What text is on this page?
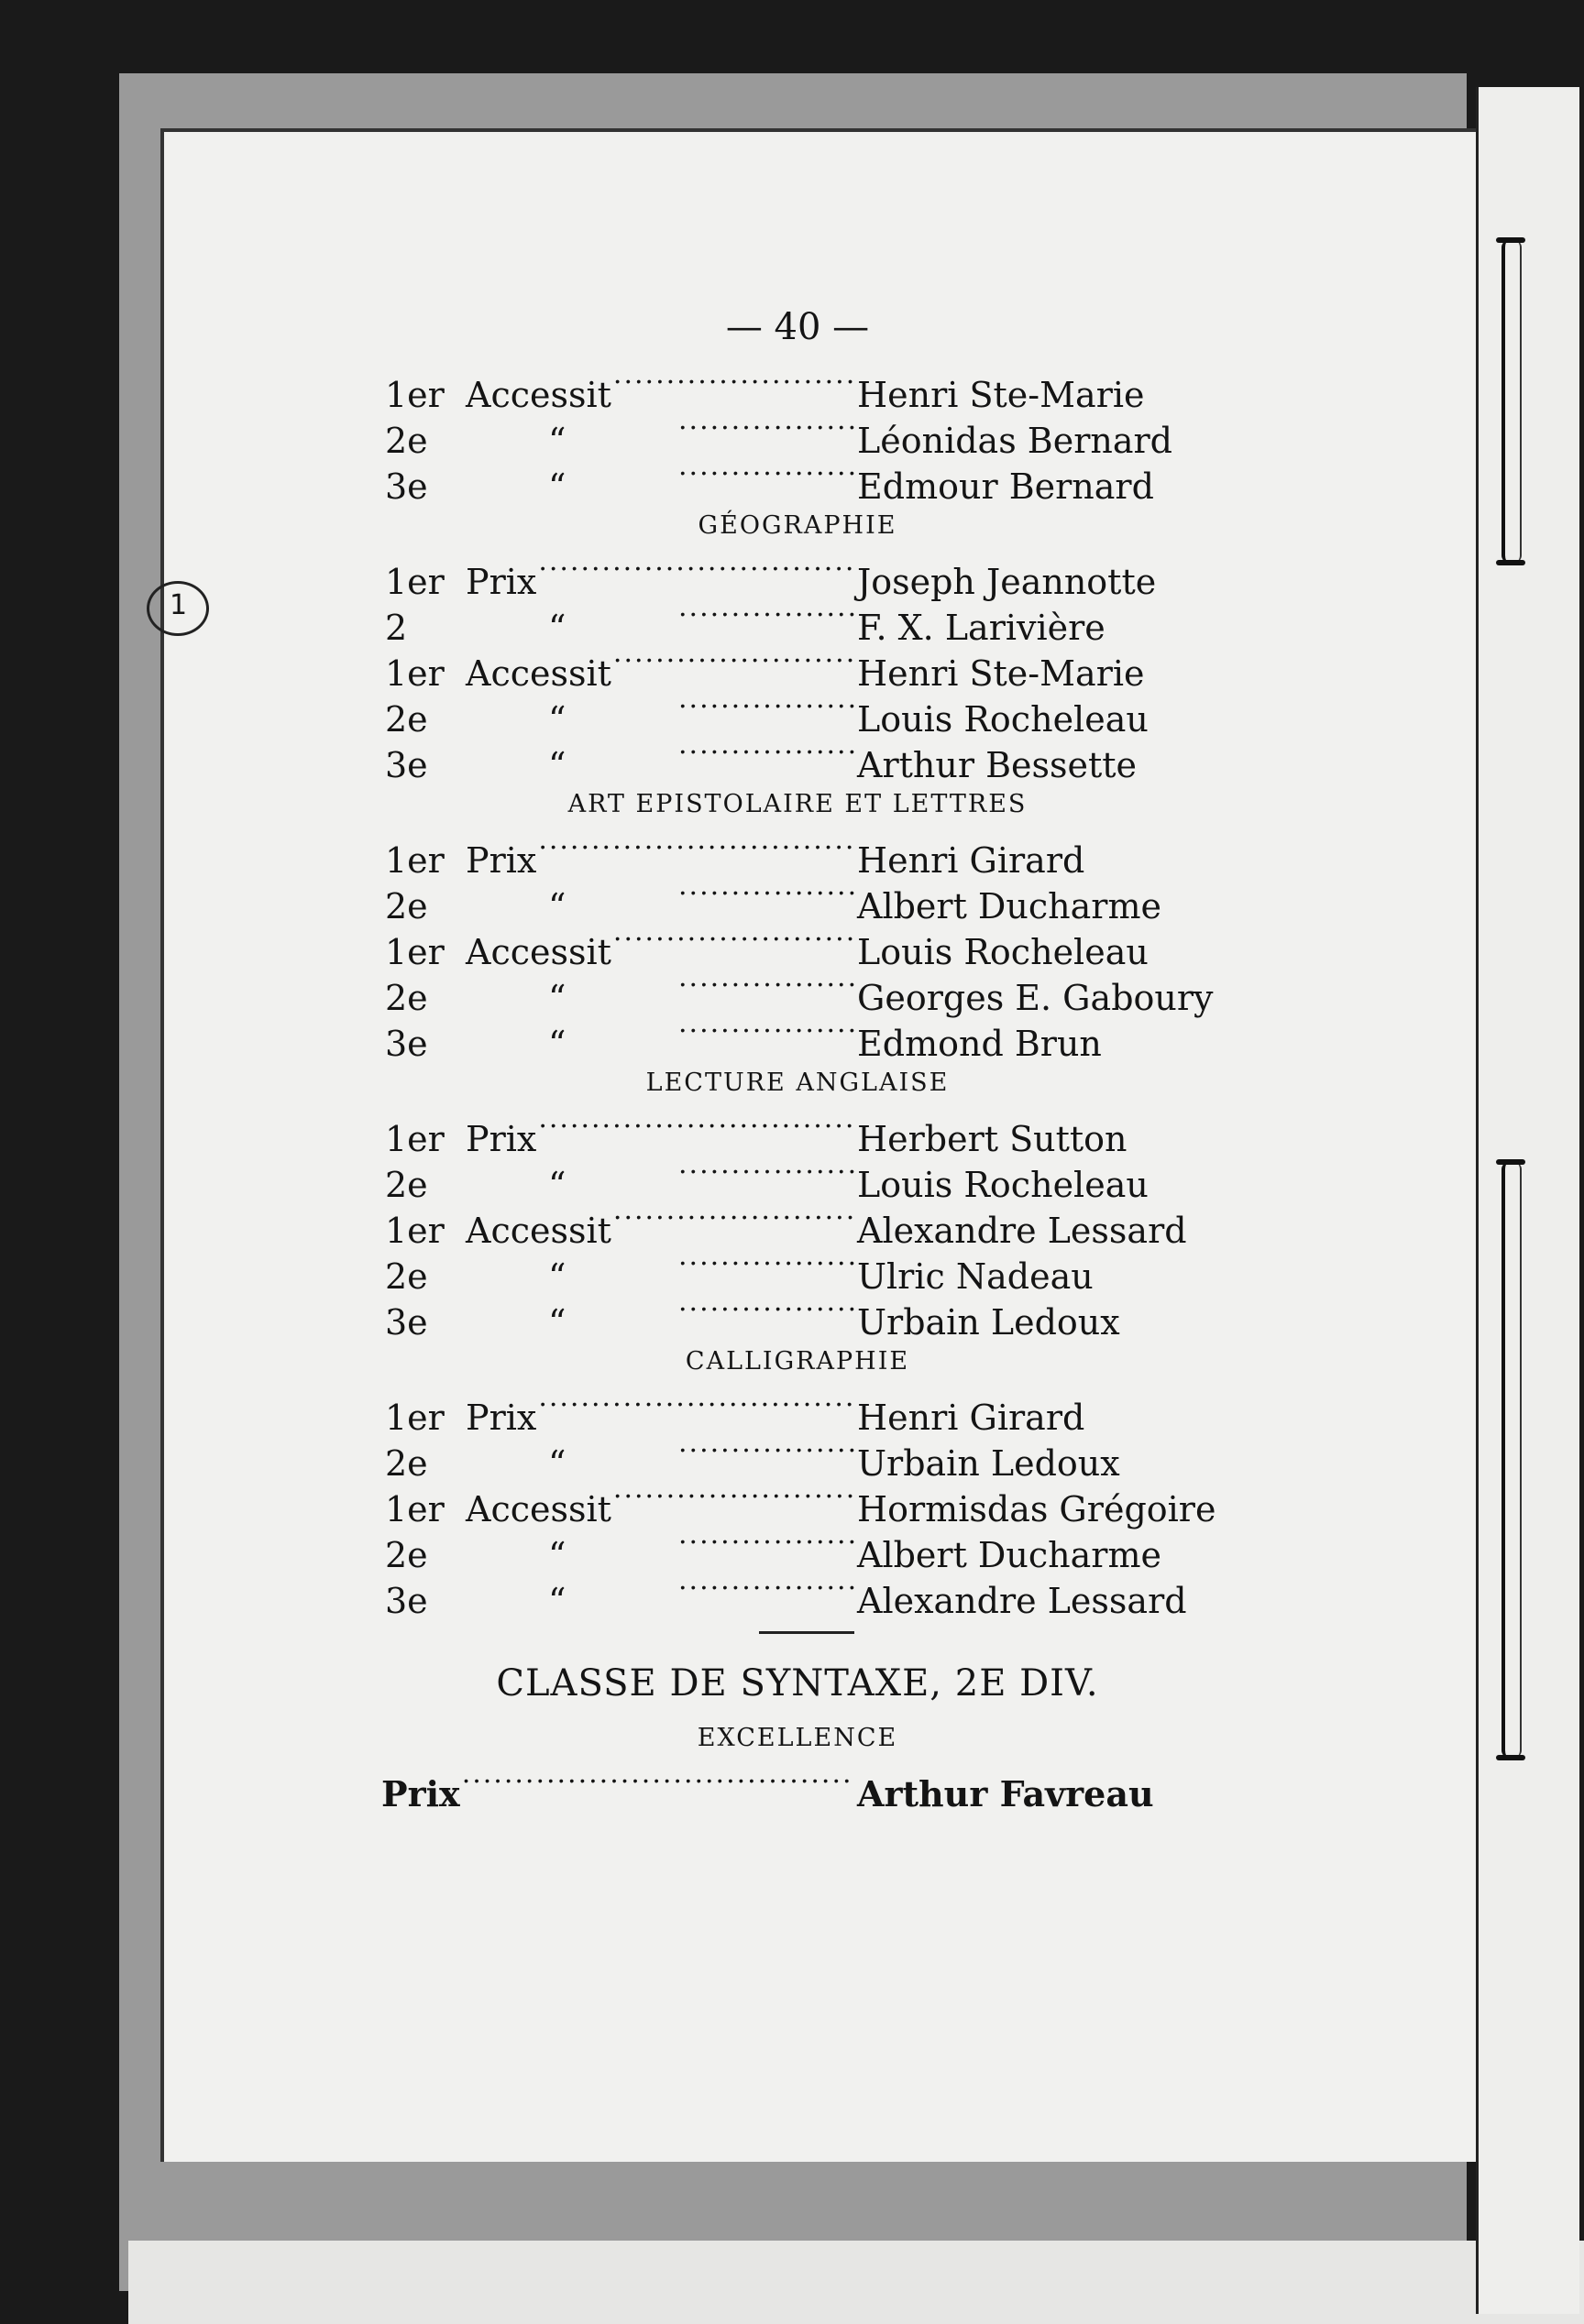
1
— 40 —
1er Accessit .....	Henri Ste-Marie
2e	“ .....	Léonidas Bernard
3e	“ .....	Edmour Bernard
GÉOGRAPHIE
1er Prix .....	Joseph Jeannotte
2	“ .....	F. X. Larivière
1er Accessit .....	Henri Ste-Marie
2e	“ .....	Louis Rocheleau
3e	“ .....	Arthur Bessette
ART EPISTOLAIRE ET LETTRES
1er Prix .....	Henri Girard
2e	“ .....	Albert Ducharme
1er Accessit .....	Louis Rocheleau
2e	“ .....	Georges E. Gaboury
3e	“ .....	Edmond Brun
LECTURE ANGLAISE
1er Prix .....	Herbert Sutton
2e	“ .....	Louis Rocheleau
1er Accessit .....	Alexandre Lessard
2e	“ .....	Ulric Nadeau
3e	“ .....	Urbain Ledoux
CALLIGRAPHIE
1er Prix .....	Henri Girard
2e	“ .....	Urbain Ledoux
1er Accessit .....	Hormisdas Grégoire
2e	“ .....	Albert Ducharme
3e	“ .....	Alexandre Lessard
CLASSE DE SYNTAXE, 2E DIV.
EXCELLENCE
Prix .....	Arthur Favreau
